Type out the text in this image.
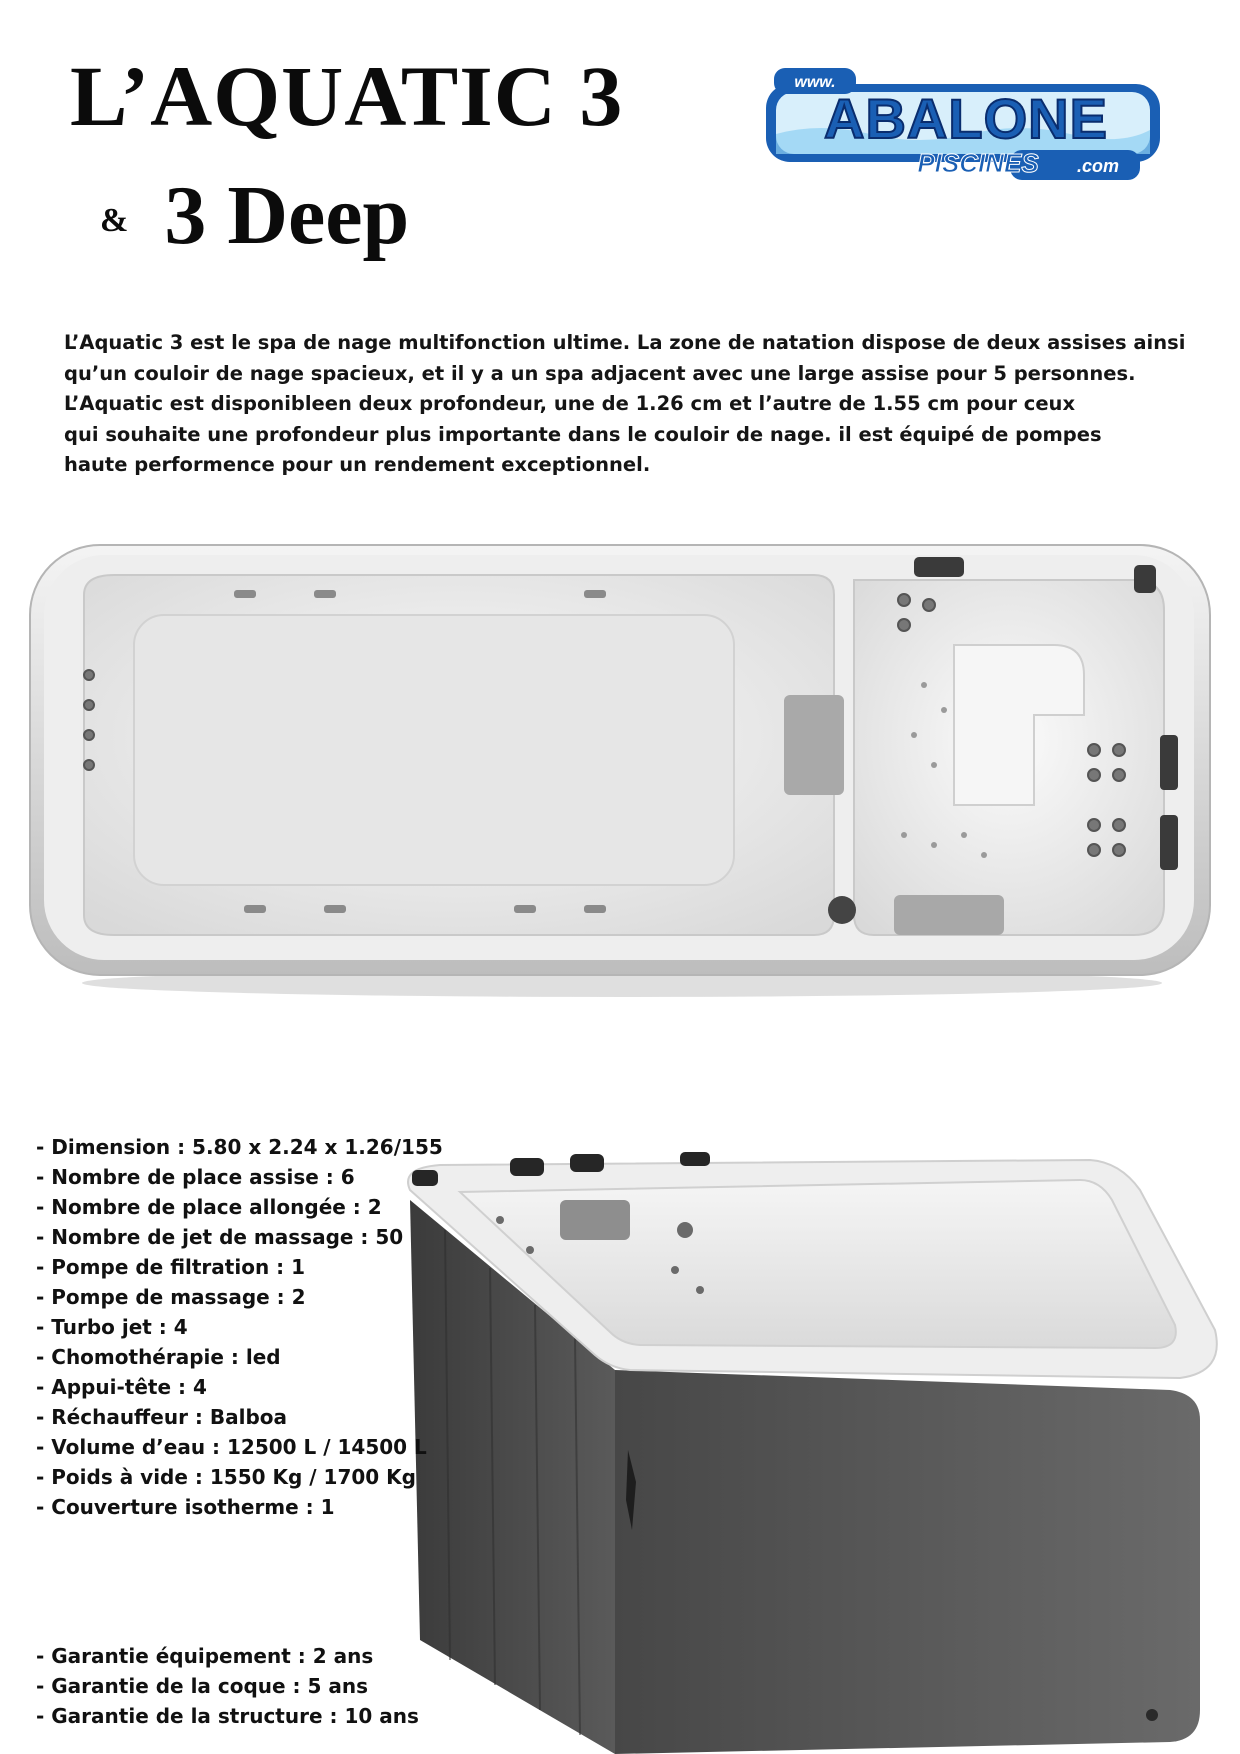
L’AQUATIC 3
& 3 Deep
www.
ABALONE
PISCINES .com
L’Aquatic 3 est le spa de nage multifonction ultime. La zone de natation dispose de deux assises ainsi
qu’un couloir de nage spacieux, et il y a un spa adjacent avec une large assise pour 5 personnes.
L’Aquatic est disponibleen deux profondeur, une de 1.26 cm et l’autre de 1.55 cm pour ceux
qui souhaite une profondeur plus importante dans le couloir de nage. il est équipé de pompes
haute performence pour un rendement exceptionnel.
- Dimension : 5.80 x 2.24 x 1.26/155
- Nombre de place assise : 6
- Nombre de place allongée : 2
- Nombre de jet de massage : 50
- Pompe de filtration : 1
- Pompe de massage : 2
- Turbo jet : 4
- Chomothérapie : led
- Appui-tête : 4
- Réchauffeur : Balboa
- Volume d’eau : 12500 L / 14500 L
- Poids à vide : 1550 Kg / 1700 Kg
- Couverture isotherme : 1
- Garantie équipement : 2 ans
- Garantie de la coque : 5 ans
- Garantie de la structure : 10 ans
